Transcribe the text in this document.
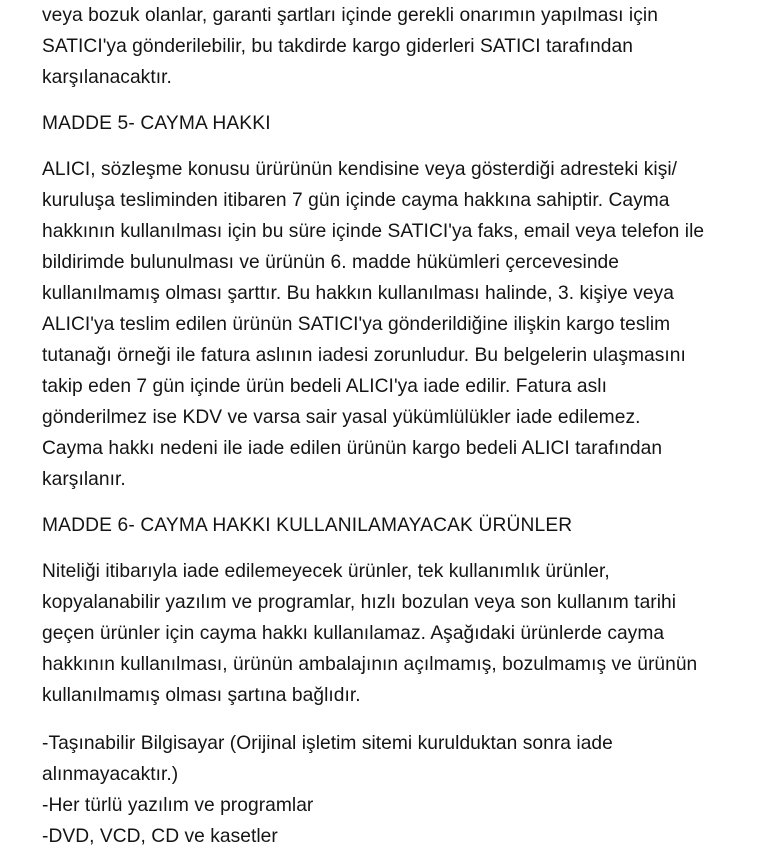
veya bozuk olanlar, garanti şartları içinde gerekli onarımın yapılması için
SATICI'ya gönderilebilir, bu takdirde kargo giderleri SATICI tarafından
karşılanacaktır.
MADDE 5- CAYMA HAKKI
ALICI, sözleşme konusu ürürünün kendisine veya gösterdiği adresteki kişi/
kuruluşa tesliminden itibaren 7 gün içinde cayma hakkına sahiptir. Cayma
hakkının kullanılması için bu süre içinde SATICI'ya faks, email veya telefon ile
bildirimde bulunulması ve ürünün 6. madde hükümleri çercevesinde
kullanılmamış olması şarttır. Bu hakkın kullanılması halinde, 3. kişiye veya
ALICI'ya teslim edilen ürünün SATICI'ya gönderildiğine ilişkin kargo teslim
tutanağı örneği ile fatura aslının iadesi zorunludur. Bu belgelerin ulaşmasını
takip eden 7 gün içinde ürün bedeli ALICI'ya iade edilir. Fatura aslı
gönderilmez ise KDV ve varsa sair yasal yükümlülükler iade edilemez.
Cayma hakkı nedeni ile iade edilen ürünün kargo bedeli ALICI tarafından
karşılanır.
MADDE 6- CAYMA HAKKI KULLANILAMAYACAK ÜRÜNLER
Niteliği itibarıyla iade edilemeyecek ürünler, tek kullanımlık ürünler,
kopyalanabilir yazılım ve programlar, hızlı bozulan veya son kullanım tarihi
geçen ürünler için cayma hakkı kullanılamaz. Aşağıdaki ürünlerde cayma
hakkının kullanılması, ürünün ambalajının açılmamış, bozulmamış ve ürünün
kullanılmamış olması şartına bağlıdır.
-Taşınabilir Bilgisayar (Orijinal işletim sitemi kurulduktan sonra iade
alınmayacaktır.)
-Her türlü yazılım ve programlar
-DVD, VCD, CD ve kasetler
